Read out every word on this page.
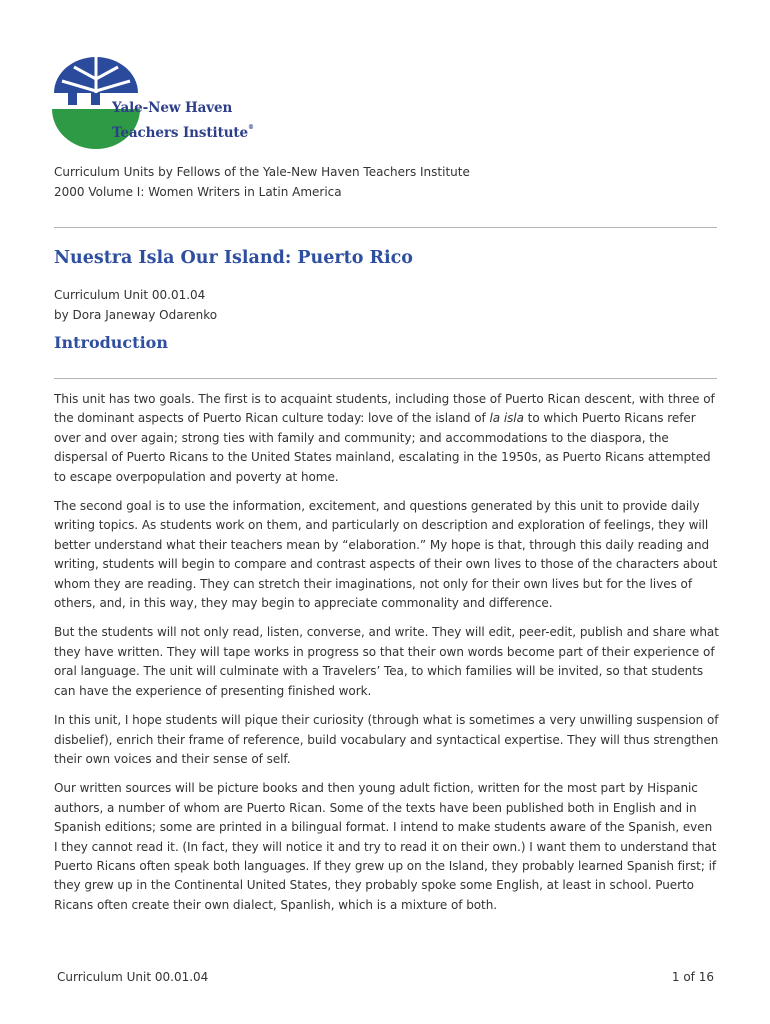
Yale-New Haven
Teachers Institute®
Curriculum Units by Fellows of the Yale-New Haven Teachers Institute
2000 Volume I: Women Writers in Latin America
Nuestra Isla Our Island: Puerto Rico
Curriculum Unit 00.01.04
by Dora Janeway Odarenko
Introduction

This unit has two goals. The first is to acquaint students, including those of Puerto Rican descent, with three of the dominant aspects of Puerto Rican culture today: love of the island of la isla to which Puerto Ricans refer over and over again; strong ties with family and community; and accommodations to the diaspora, the dispersal of Puerto Ricans to the United States mainland, escalating in the 1950s, as Puerto Ricans attempted to escape overpopulation and poverty at home.

The second goal is to use the information, excitement, and questions generated by this unit to provide daily writing topics. As students work on them, and particularly on description and exploration of feelings, they will better understand what their teachers mean by “elaboration.” My hope is that, through this daily reading and writing, students will begin to compare and contrast aspects of their own lives to those of the characters about whom they are reading. They can stretch their imaginations, not only for their own lives but for the lives of others, and, in this way, they may begin to appreciate commonality and difference.

But the students will not only read, listen, converse, and write. They will edit, peer-edit, publish and share what they have written. They will tape works in progress so that their own words become part of their experience of oral language. The unit will culminate with a Travelers’ Tea, to which families will be invited, so that students can have the experience of presenting finished work.

In this unit, I hope students will pique their curiosity (through what is sometimes a very unwilling suspension of disbelief), enrich their frame of reference, build vocabulary and syntactical expertise. They will thus strengthen their own voices and their sense of self.

Our written sources will be picture books and then young adult fiction, written for the most part by Hispanic authors, a number of whom are Puerto Rican. Some of the texts have been published both in English and in Spanish editions; some are printed in a bilingual format. I intend to make students aware of the Spanish, even I they cannot read it. (In fact, they will notice it and try to read it on their own.) I want them to understand that Puerto Ricans often speak both languages. If they grew up on the Island, they probably learned Spanish first; if they grew up in the Continental United States, they probably spoke some English, at least in school. Puerto Ricans often create their own dialect, Spanlish, which is a mixture of both.

Curriculum Unit 00.01.04	1 of 16
